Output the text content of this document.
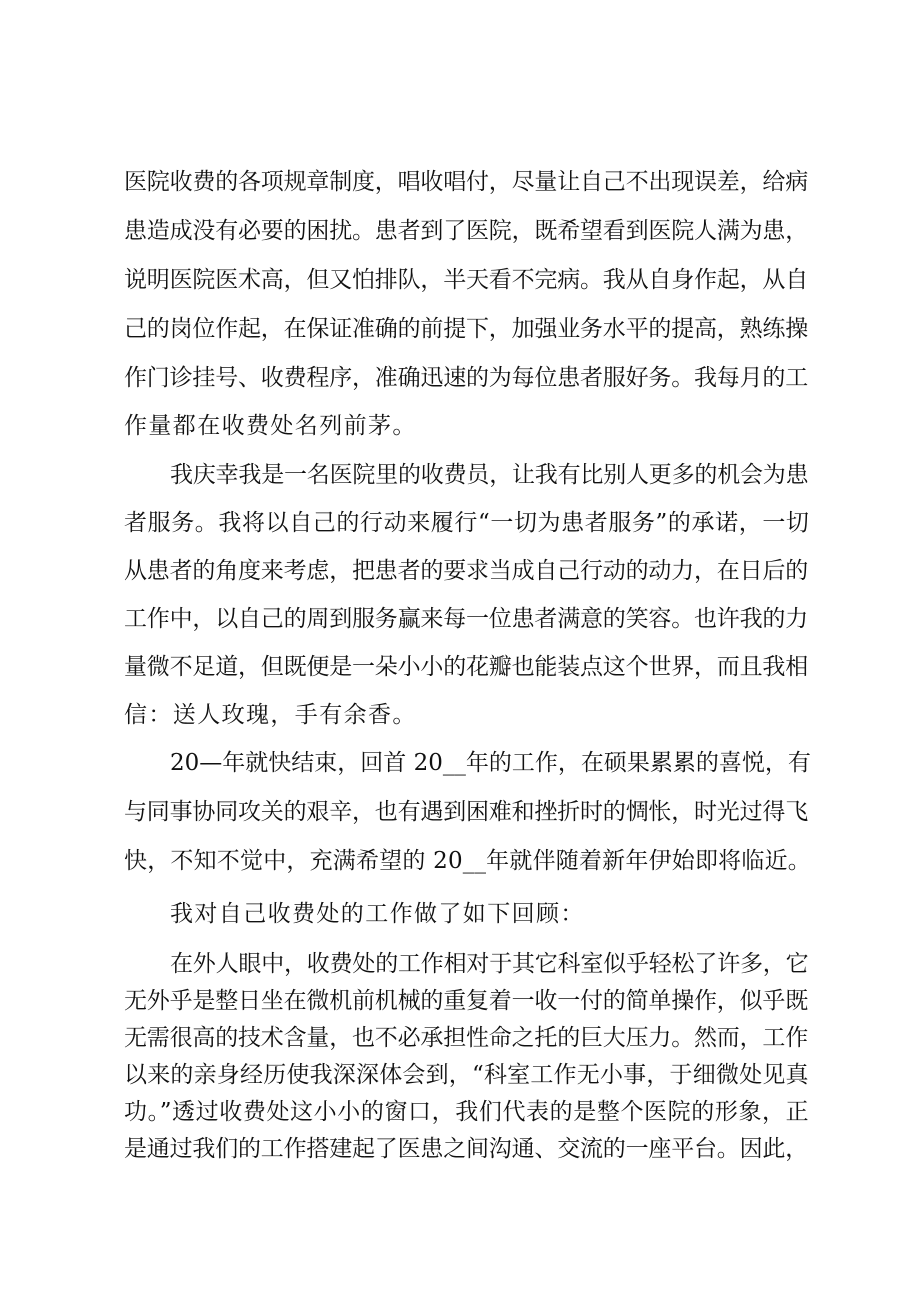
医院收费的各项规章制度，唱收唱付，尽量让自己不出现误差，给病
患造成没有必要的困扰。患者到了医院，既希望看到医院人满为患，
说明医院医术高，但又怕排队，半天看不完病。我从自身作起，从自
己的岗位作起，在保证准确的前提下，加强业务水平的提高，熟练操
作门诊挂号、收费程序，准确迅速的为每位患者服好务。我每月的工
作量都在收费处名列前茅。
我庆幸我是一名医院里的收费员，让我有比别人更多的机会为患
者服务。我将以自己的行动来履行“一切为患者服务”的承诺，一切
从患者的角度来考虑，把患者的要求当成自己行动的动力，在日后的
工作中，以自己的周到服务赢来每一位患者满意的笑容。也许我的力
量微不足道，但既便是一朵小小的花瓣也能装点这个世界，而且我相
信：送人玫瑰，手有余香。
20—年就快结束，回首 20__年的工作，在硕果累累的喜悦，有
与同事协同攻关的艰辛，也有遇到困难和挫折时的惆怅，时光过得飞
快，不知不觉中，充满希望的 20__年就伴随着新年伊始即将临近。
我对自己收费处的工作做了如下回顾：
在外人眼中，收费处的工作相对于其它科室似乎轻松了许多，它
无外乎是整日坐在微机前机械的重复着一收一付的简单操作，似乎既
无需很高的技术含量，也不必承担性命之托的巨大压力。然而，工作
以来的亲身经历使我深深体会到，“科室工作无小事，于细微处见真
功。”透过收费处这小小的窗口，我们代表的是整个医院的形象，正
是通过我们的工作搭建起了医患之间沟通、交流的一座平台。因此，
